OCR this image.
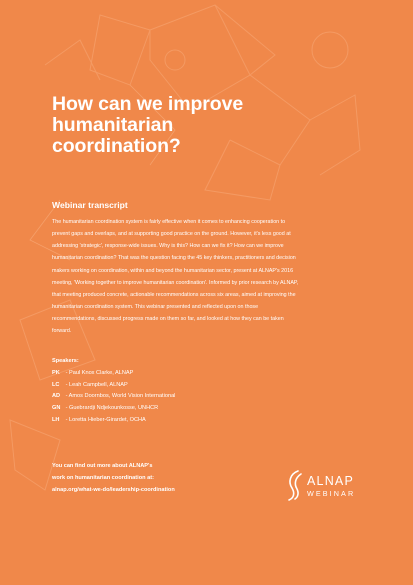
How can we improve
humanitarian
coordination?
Webinar transcript

The humanitarian coordination system is fairly effective when it comes to enhancing cooperation to
prevent gaps and overlaps, and at supporting good practice on the ground. However, it's less good at
addressing 'strategic', response-wide issues. Why is this? How can we fix it? How can we improve
humanitarian coordination? That was the question facing the 45 key thinkers, practitioners and decision
makers working on coordination, within and beyond the humanitarian sector, present at ALNAP's 2016
meeting, 'Working together to improve humanitarian coordination'. Informed by prior research by ALNAP,
that meeting produced concrete, actionable recommendations across six areas, aimed at improving the
humanitarian coordination system. This webinar presented and reflected upon on those
recommendations, discussed progress made on them so far, and looked at how they can be taken
forward.

Speakers:
PK - Paul Knox Clarke, ALNAP
LC - Leah Campbell, ALNAP
AD - Amos Doornbos, World Vision International
GN - Guebrardji Ndjekounkosse, UNHCR
LH - Loretta Hieber-Girardet, OCHA
You can find out more about ALNAP's
work on humanitarian coordination at:
alnap.org/what-we-do/leadership-coordination
ALNAP
WEBINAR
